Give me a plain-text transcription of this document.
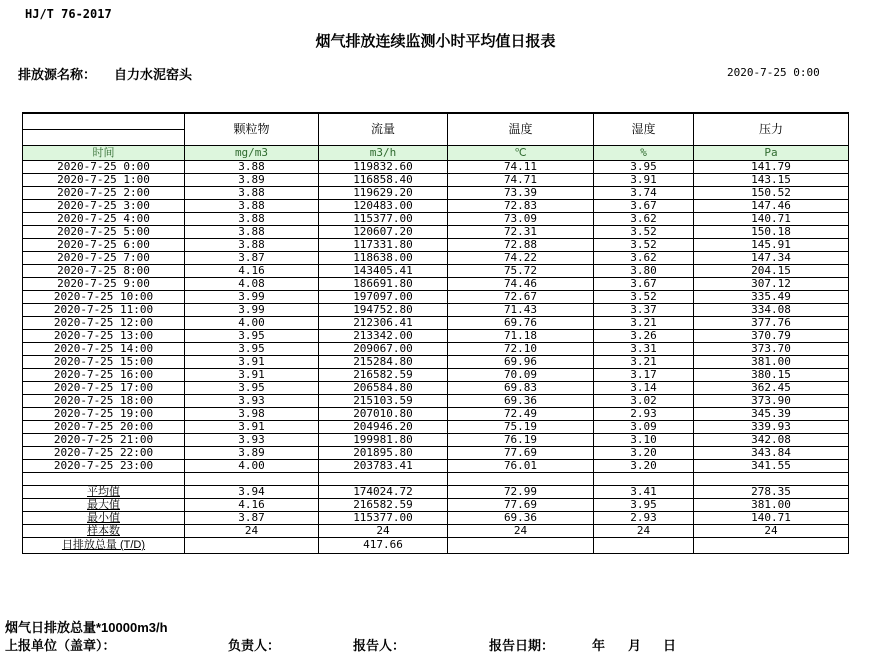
HJ/T 76-2017
烟气排放连续监测小时平均值日报表
排放源名称： 自力水泥窑头	2020-7-25 0:00
	颗粒物	流量	温度	湿度	压力

时间	mg/m3	m3/h	℃	%	Pa
2020-7-25 0:00	3.88	119832.60	74.11	3.95	141.79
2020-7-25 1:00	3.89	116858.40	74.71	3.91	143.15
2020-7-25 2:00	3.88	119629.20	73.39	3.74	150.52
2020-7-25 3:00	3.88	120483.00	72.83	3.67	147.46
2020-7-25 4:00	3.88	115377.00	73.09	3.62	140.71
2020-7-25 5:00	3.88	120607.20	72.31	3.52	150.18
2020-7-25 6:00	3.88	117331.80	72.88	3.52	145.91
2020-7-25 7:00	3.87	118638.00	74.22	3.62	147.34
2020-7-25 8:00	4.16	143405.41	75.72	3.80	204.15
2020-7-25 9:00	4.08	186691.80	74.46	3.67	307.12
2020-7-25 10:00	3.99	197097.00	72.67	3.52	335.49
2020-7-25 11:00	3.99	194752.80	71.43	3.37	334.08
2020-7-25 12:00	4.00	212306.41	69.76	3.21	377.76
2020-7-25 13:00	3.95	213342.00	71.18	3.26	370.79
2020-7-25 14:00	3.95	209067.00	72.10	3.31	373.70
2020-7-25 15:00	3.91	215284.80	69.96	3.21	381.00
2020-7-25 16:00	3.91	216582.59	70.09	3.17	380.15
2020-7-25 17:00	3.95	206584.80	69.83	3.14	362.45
2020-7-25 18:00	3.93	215103.59	69.36	3.02	373.90
2020-7-25 19:00	3.98	207010.80	72.49	2.93	345.39
2020-7-25 20:00	3.91	204946.20	75.19	3.09	339.93
2020-7-25 21:00	3.93	199981.80	76.19	3.10	342.08
2020-7-25 22:00	3.89	201895.80	77.69	3.20	343.84
2020-7-25 23:00	4.00	203783.41	76.01	3.20	341.55

平均值	3.94	174024.72	72.99	3.41	278.35
最大值	4.16	216582.59	77.69	3.95	381.00
最小值	3.87	115377.00	69.36	2.93	140.71
样本数	24	24	24	24	24
日排放总量 (T/D)		417.66			
烟气日排放总量*10000m3/h
上报单位（盖章）：	负责人：	报告人：	报告日期：	年 月 日
